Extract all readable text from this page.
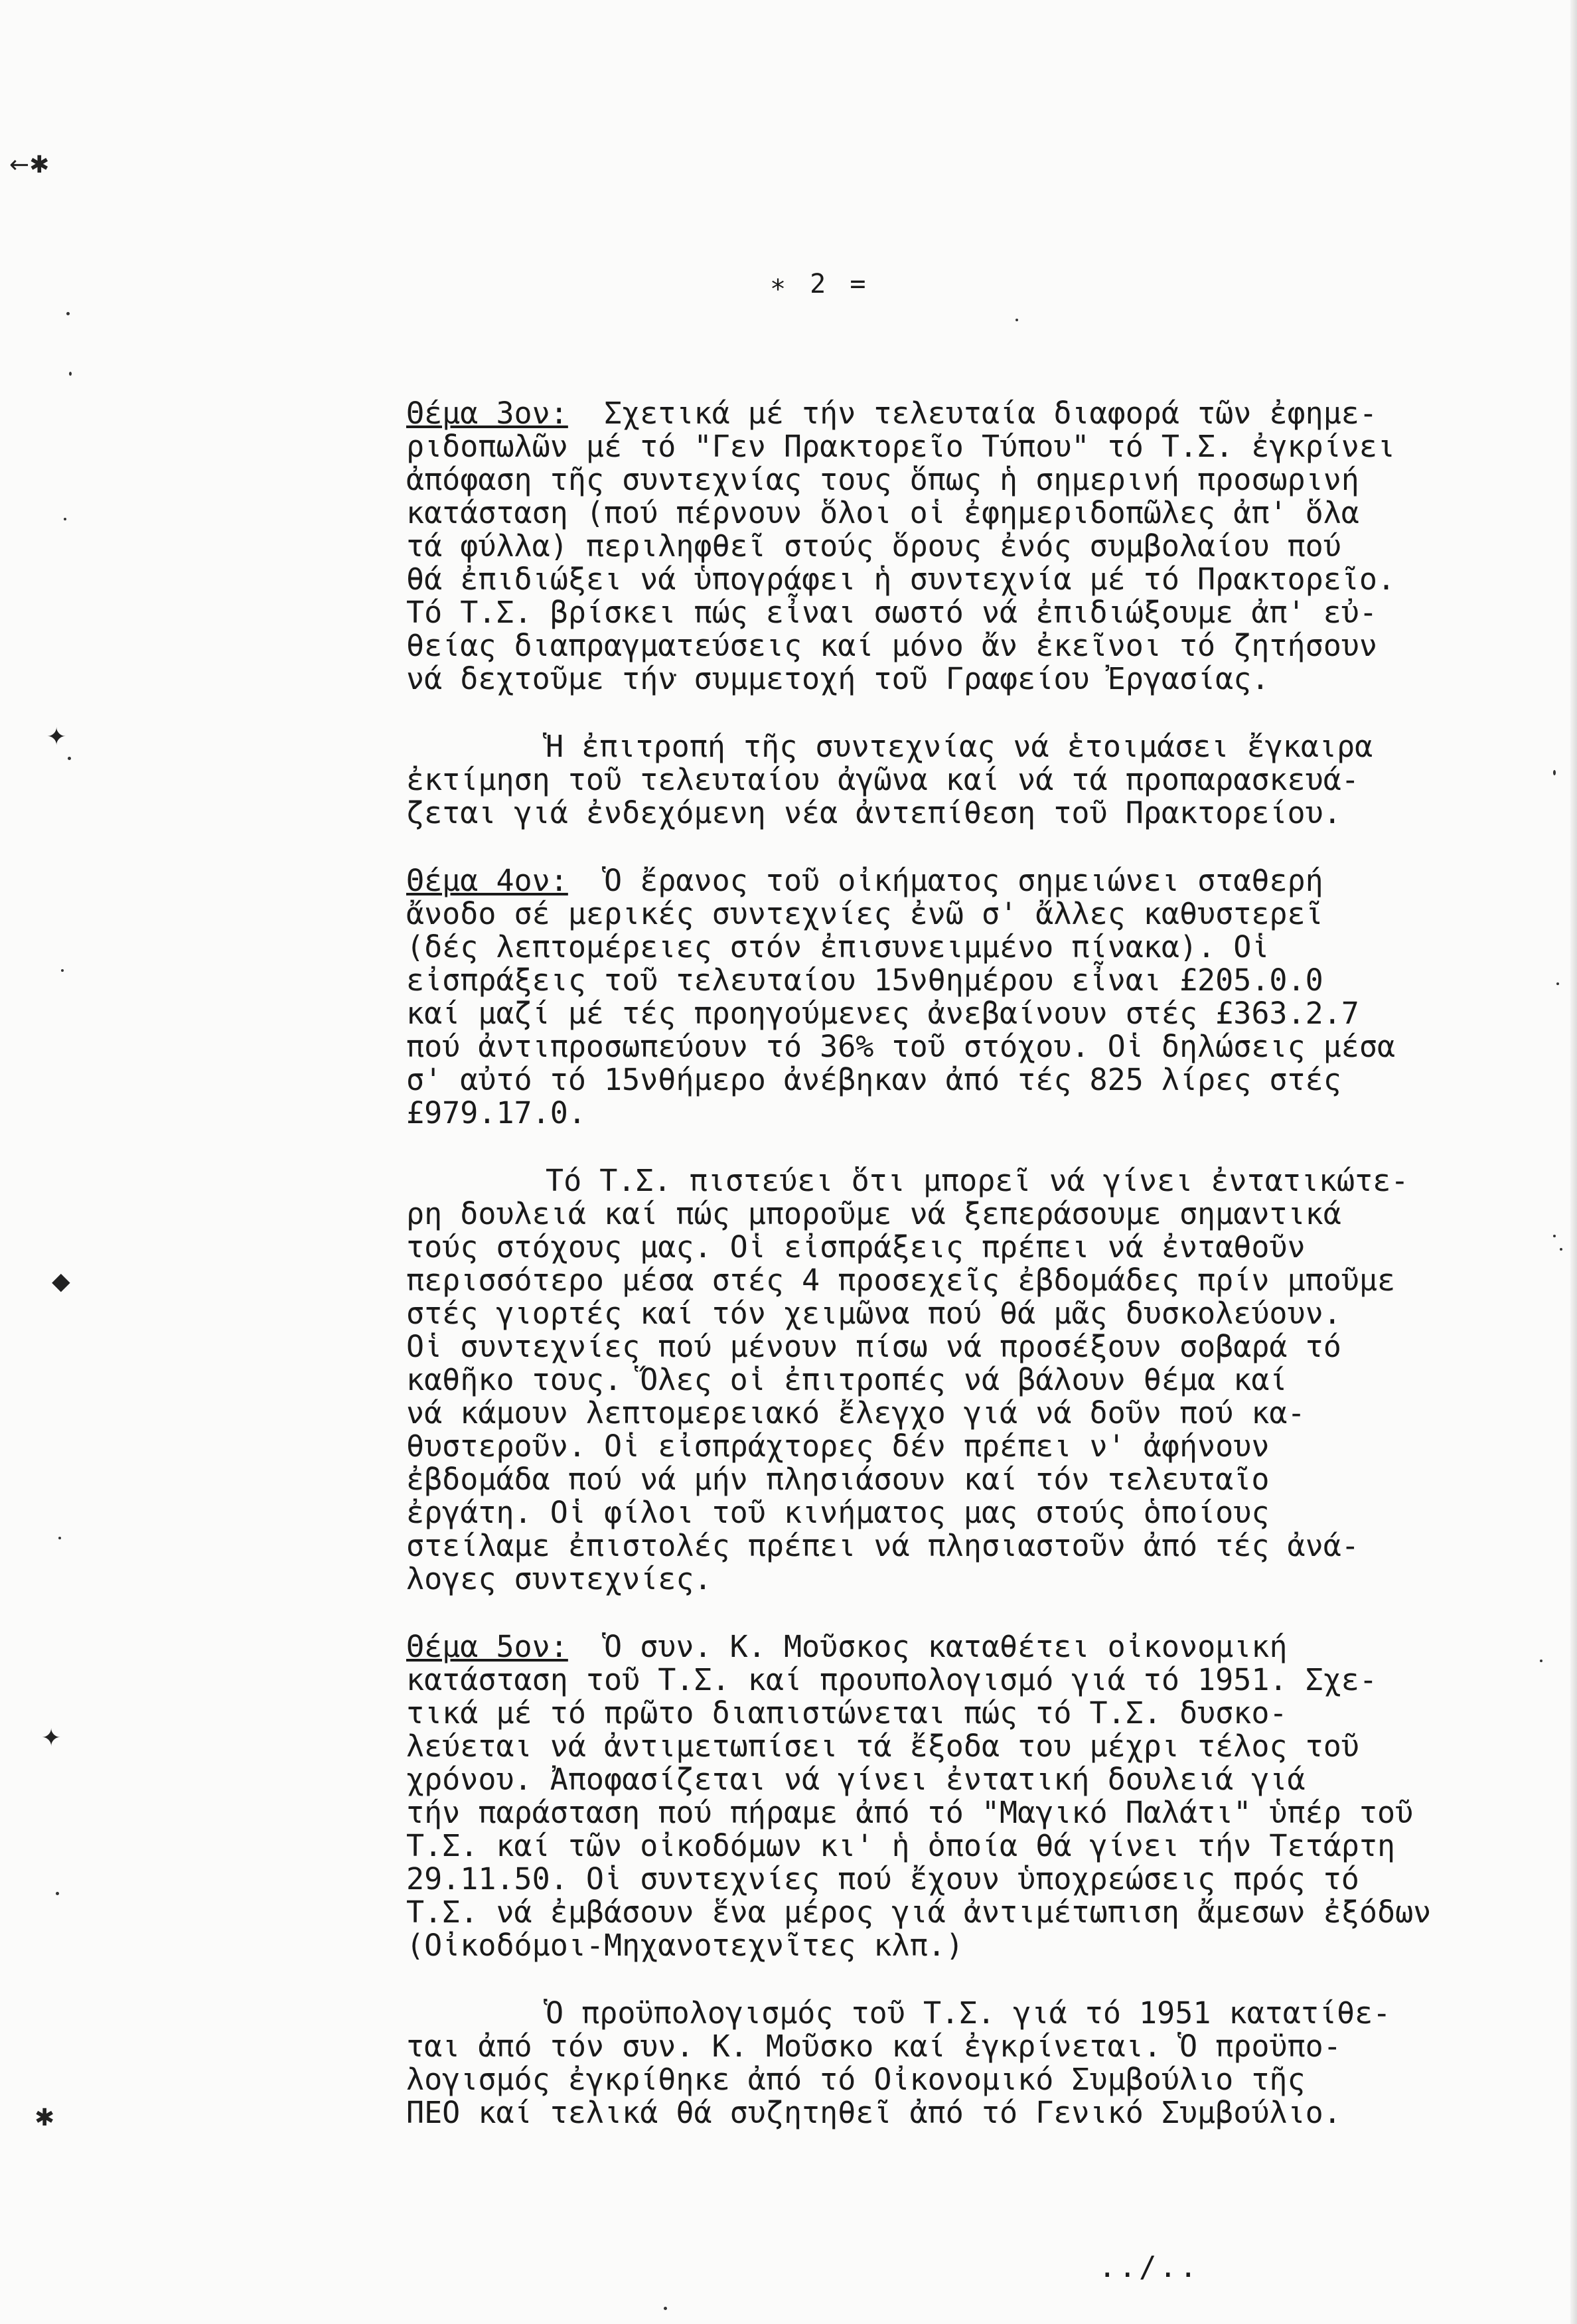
←✱
✦
◆
✦
✱
∗ 2 =

Θέμα 3ον:  Σχετικά μέ τήν τελευταία διαφορά τῶν ἐφημε-
ριδοπωλῶν μέ τό "Γεν Πρακτορεῖο Τύπου" τό Τ.Σ. ἐγκρίνει
ἀπόφαση τῆς συντεχνίας τους ὅπως ἡ σημερινή προσωρινή
κατάσταση (πού πέρνουν ὅλοι οἱ ἐφημεριδοπῶλες ἀπ' ὅλα
τά φύλλα) περιληφθεῖ στούς ὅρους ἐνός συμβολαίου πού
θά ἐπιδιώξει νά ὑπογράφει ἡ συντεχνία μέ τό Πρακτορεῖο.
Τό Τ.Σ. βρίσκει πώς εἶναι σωστό νά ἐπιδιώξουμε ἀπ' εὐ-
θείας διαπραγματεύσεις καί μόνο ἄν ἐκεῖνοι τό ζητήσουν
νά δεχτοῦμε τήν συμμετοχή τοῦ Γραφείου Ἐργασίας.

Ἡ ἐπιτροπή τῆς συντεχνίας νά ἑτοιμάσει ἔγκαιρα
ἐκτίμηση τοῦ τελευταίου ἀγῶνα καί νά τά προπαρασκευά-
ζεται γιά ἐνδεχόμενη νέα ἀντεπίθεση τοῦ Πρακτορείου.

Θέμα 4ον:  Ὁ ἔρανος τοῦ οἰκήματος σημειώνει σταθερή
ἄνοδο σέ μερικές συντεχνίες ἐνῶ σ' ἄλλες καθυστερεῖ
(δές λεπτομέρειες στόν ἐπισυνειμμένο πίνακα). Οἱ
εἰσπράξεις τοῦ τελευταίου 15νθημέρου εἶναι £205.0.0
καί μαζί μέ τές προηγούμενες ἀνεβαίνουν στές £363.2.7
πού ἀντιπροσωπεύουν τό 36% τοῦ στόχου. Οἱ δηλώσεις μέσα
σ' αὐτό τό 15νθήμερο ἀνέβηκαν ἀπό τές 825 λίρες στές
£979.17.0.

Τό Τ.Σ. πιστεύει ὅτι μπορεῖ νά γίνει ἐντατικώτε-
ρη δουλειά καί πώς μποροῦμε νά ξεπεράσουμε σημαντικά
τούς στόχους μας. Οἱ εἰσπράξεις πρέπει νά ἐνταθοῦν
περισσότερο μέσα στές 4 προσεχεῖς ἐβδομάδες πρίν μποῦμε
στές γιορτές καί τόν χειμῶνα πού θά μᾶς δυσκολεύουν.
Οἱ συντεχνίες πού μένουν πίσω νά προσέξουν σοβαρά τό
καθῆκο τους. Ὅλες οἱ ἐπιτροπές νά βάλουν θέμα καί
νά κάμουν λεπτομερειακό ἔλεγχο γιά νά δοῦν πού κα-
θυστεροῦν. Οἱ εἰσπράχτορες δέν πρέπει ν' ἀφήνουν
ἐβδομάδα πού νά μήν πλησιάσουν καί τόν τελευταῖο
ἐργάτη. Οἱ φίλοι τοῦ κινήματος μας στούς ὁποίους
στείλαμε ἐπιστολές πρέπει νά πλησιαστοῦν ἀπό τές ἀνά-
λογες συντεχνίες.

Θέμα 5ον:  Ὁ συν. Κ. Μοῦσκος καταθέτει οἰκονομική
κατάσταση τοῦ Τ.Σ. καί προυπολογισμό γιά τό 1951. Σχε-
τικά μέ τό πρῶτο διαπιστώνεται πώς τό Τ.Σ. δυσκο-
λεύεται νά ἀντιμετωπίσει τά ἔξοδα του μέχρι τέλος τοῦ
χρόνου. Ἀποφασίζεται νά γίνει ἐντατική δουλειά γιά
τήν παράσταση πού πήραμε ἀπό τό "Μαγικό Παλάτι" ὑπέρ τοῦ
Τ.Σ. καί τῶν οἰκοδόμων κι' ἡ ὁποία θά γίνει τήν Τετάρτη
29.11.50. Οἱ συντεχνίες πού ἔχουν ὑποχρεώσεις πρός τό
Τ.Σ. νά ἐμβάσουν ἕνα μέρος γιά ἀντιμέτωπιση ἄμεσων ἐξόδων
(Οἰκοδόμοι-Μηχανοτεχνῖτες κλπ.)

Ὁ προϋπολογισμός τοῦ Τ.Σ. γιά τό 1951 κατατίθε-
ται ἀπό τόν συν. Κ. Μοῦσκο καί ἐγκρίνεται. Ὁ προϋπο-
λογισμός ἐγκρίθηκε ἀπό τό Οἰκονομικό Συμβούλιο τῆς
ΠΕΟ καί τελικά θά συζητηθεῖ ἀπό τό Γενικό Συμβούλιο.

../..
